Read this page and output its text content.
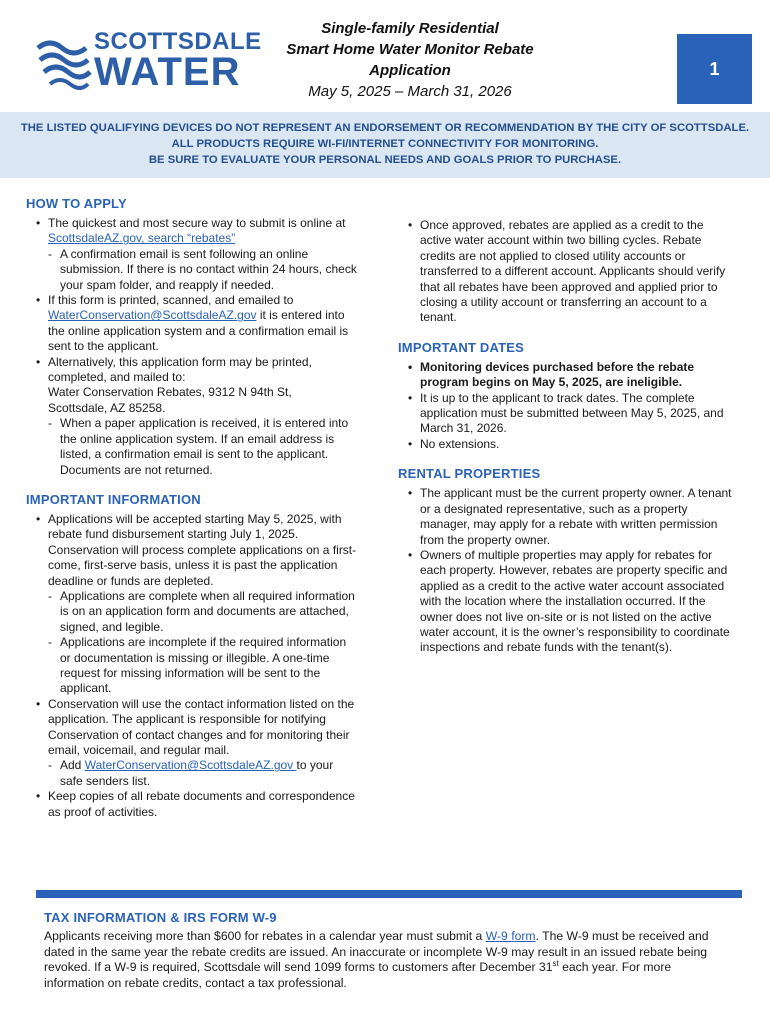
SCOTTSDALE
WATER
Single-family Residential
Smart Home Water Monitor Rebate Application
May 5, 2025 – March 31, 2026
1
THE LISTED QUALIFYING DEVICES DO NOT REPRESENT AN ENDORSEMENT OR RECOMMENDATION BY THE CITY OF SCOTTSDALE.
ALL PRODUCTS REQUIRE WI-FI/INTERNET CONNECTIVITY FOR MONITORING.
BE SURE TO EVALUATE YOUR PERSONAL NEEDS AND GOALS PRIOR TO PURCHASE.
HOW TO APPLY
• The quickest and most secure way to submit is online at ScottsdaleAZ.gov, search “rebates”
- A confirmation email is sent following an online submission. If there is no contact within 24 hours, check your spam folder, and reapply if needed.
• If this form is printed, scanned, and emailed to WaterConservation@ScottsdaleAZ.gov it is entered into the online application system and a confirmation email is sent to the applicant.
• Alternatively, this application form may be printed, completed, and mailed to:
Water Conservation Rebates, 9312 N 94th St,
Scottsdale, AZ 85258.
- When a paper application is received, it is entered into the online application system. If an email address is listed, a confirmation email is sent to the applicant. Documents are not returned.
IMPORTANT INFORMATION
• Applications will be accepted starting May 5, 2025, with rebate fund disbursement starting July 1, 2025. Conservation will process complete applications on a first-come, first-serve basis, unless it is past the application deadline or funds are depleted.
- Applications are complete when all required information is on an application form and documents are attached, signed, and legible.
- Applications are incomplete if the required information or documentation is missing or illegible. A one-time request for missing information will be sent to the applicant.
• Conservation will use the contact information listed on the application. The applicant is responsible for notifying Conservation of contact changes and for monitoring their email, voicemail, and regular mail.
- Add WaterConservation@ScottsdaleAZ.gov to your safe senders list.
• Keep copies of all rebate documents and correspondence as proof of activities.
• Once approved, rebates are applied as a credit to the active water account within two billing cycles. Rebate credits are not applied to closed utility accounts or transferred to a different account. Applicants should verify that all rebates have been approved and applied prior to closing a utility account or transferring an account to a tenant.
IMPORTANT DATES
• Monitoring devices purchased before the rebate program begins on May 5, 2025, are ineligible.
• It is up to the applicant to track dates. The complete application must be submitted between May 5, 2025, and March 31, 2026.
• No extensions.
RENTAL PROPERTIES
• The applicant must be the current property owner. A tenant or a designated representative, such as a property manager, may apply for a rebate with written permission from the property owner.
• Owners of multiple properties may apply for rebates for each property. However, rebates are property specific and applied as a credit to the active water account associated with the location where the installation occurred. If the owner does not live on-site or is not listed on the active water account, it is the owner’s responsibility to coordinate inspections and rebate funds with the tenant(s).
TAX INFORMATION & IRS FORM W-9

Applicants receiving more than $600 for rebates in a calendar year must submit a W-9 form. The W-9 must be received and dated in the same year the rebate credits are issued. An inaccurate or incomplete W-9 may result in an issued rebate being revoked. If a W-9 is required, Scottsdale will send 1099 forms to customers after December 31st each year. For more information on rebate credits, contact a tax professional.
